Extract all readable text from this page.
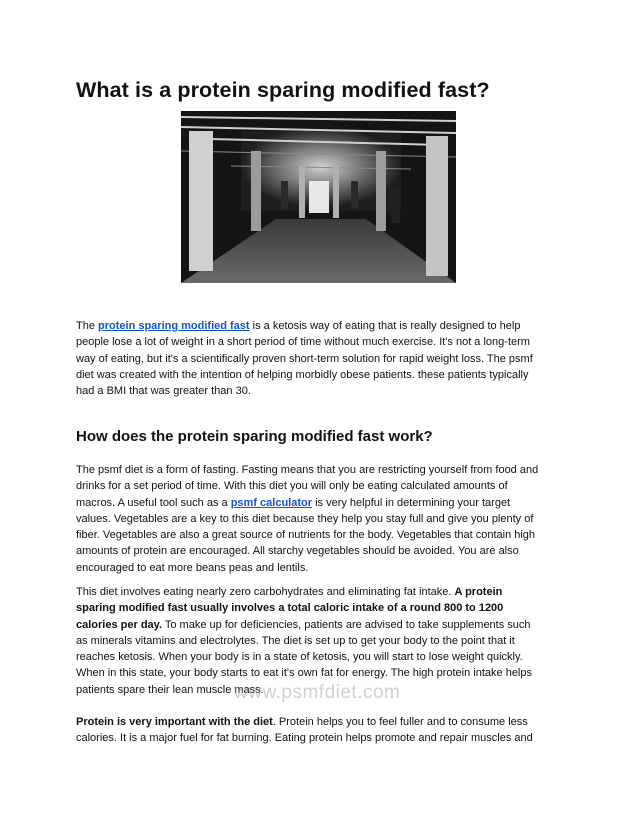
What is a protein sparing modified fast?

The protein sparing modified fast is a ketosis way of eating that is really designed to help
people lose a lot of weight in a short period of time without much exercise. It's not a long-term
way of eating, but it's a scientifically proven short-term solution for rapid weight loss. The psmf
diet was created with the intention of helping morbidly obese patients. these patients typically
had a BMI that was greater than 30.

How does the protein sparing modified fast work?

The psmf diet is a form of fasting. Fasting means that you are restricting yourself from food and
drinks for a set period of time. With this diet you will only be eating calculated amounts of
macros. A useful tool such as a psmf calculator is very helpful in determining your target
values. Vegetables are a key to this diet because they help you stay full and give you plenty of
fiber. Vegetables are also a great source of nutrients for the body. Vegetables that contain high
amounts of protein are encouraged. All starchy vegetables should be avoided. You are also
encouraged to eat more beans peas and lentils.

This diet involves eating nearly zero carbohydrates and eliminating fat intake. A protein
sparing modified fast usually involves a total caloric intake of a round 800 to 1200
calories per day. To make up for deficiencies, patients are advised to take supplements such
as minerals vitamins and electrolytes. The diet is set up to get your body to the point that it
reaches ketosis. When your body is in a state of ketosis, you will start to lose weight quickly.
When in this state, your body starts to eat it's own fat for energy. The high protein intake helps
patients spare their lean muscle mass.

www.psmfdiet.com

Protein is very important with the diet. Protein helps you to feel fuller and to consume less
calories. It is a major fuel for fat burning. Eating protein helps promote and repair muscles and
